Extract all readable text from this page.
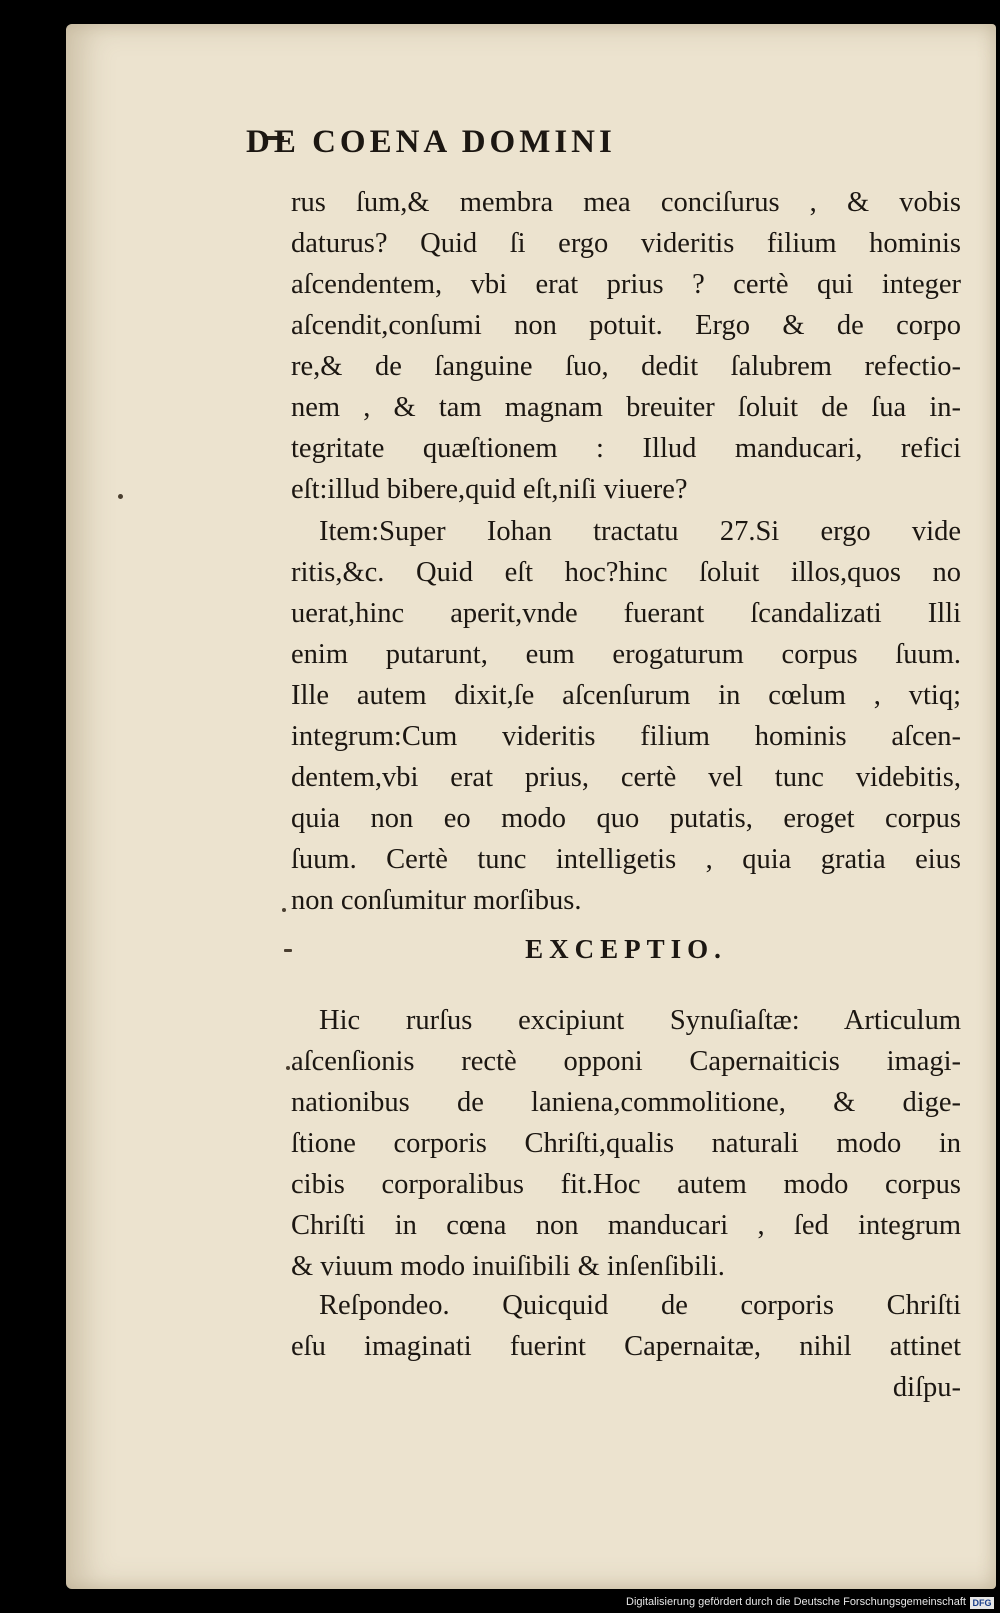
DE COENA DOMINI
rus ſum,& membra mea conciſurus , & vobis
daturus? Quid ſi ergo videritis filium hominis
aſcendentem, vbi erat prius ? certè qui integer
aſcendit,conſumi non potuit. Ergo & de corpo
re,& de ſanguine ſuo, dedit ſalubrem refectio-
nem , & tam magnam breuiter ſoluit de ſua in-
tegritate quæſtionem : Illud manducari, refici
eſt:illud bibere,quid eſt,niſi viuere?
Item:Super Iohan tractatu 27.Si ergo vide
ritis,&c. Quid eſt hoc?hinc ſoluit illos,quos no
uerat,hinc aperit,vnde fuerant ſcandalizati Illi
enim putarunt, eum erogaturum corpus ſuum.
Ille autem dixit,ſe aſcenſurum in cœlum , vtiq;
integrum:Cum videritis filium hominis aſcen-
dentem,vbi erat prius, certè vel tunc videbitis,
quia non eo modo quo putatis, eroget corpus
ſuum. Certè tunc intelligetis , quia gratia eius
non conſumitur morſibus.
EXCEPTIO.
Hic rurſus excipiunt Synuſiaſtæ: Articulum
aſcenſionis rectè opponi Capernaiticis imagi-
nationibus de laniena,commolitione, & dige-
ſtione corporis Chriſti,qualis naturali modo in
cibis corporalibus fit.Hoc autem modo corpus
Chriſti in cœna non manducari , ſed integrum
& viuum modo inuiſibili & inſenſibili.
Reſpondeo. Quicquid de corporis Chriſti
eſu imaginati fuerint Capernaitæ, nihil attinet
diſpu-
Digitalisierung gefördert durch die Deutsche Forschungsgemeinschaft DFG
